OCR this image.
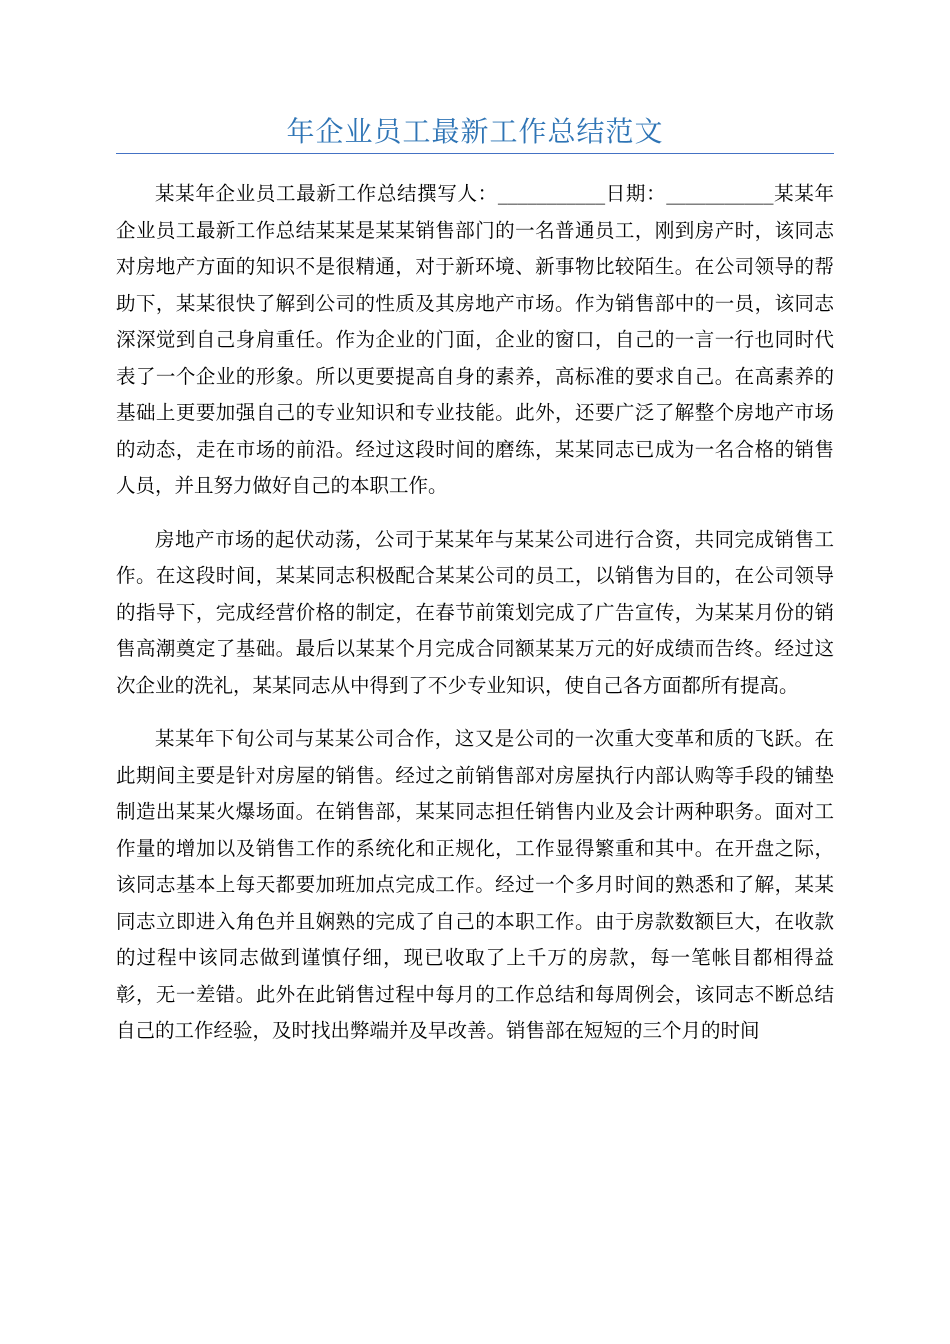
年企业员工最新工作总结范文

某某年企业员工最新工作总结撰写人：___________日期：___________某某年企业员工最新工作总结某某是某某销售部门的一名普通员工，刚到房产时，该同志对房地产方面的知识不是很精通，对于新环境、新事物比较陌生。在公司领导的帮助下，某某很快了解到公司的性质及其房地产市场。作为销售部中的一员，该同志深深觉到自己身肩重任。作为企业的门面，企业的窗口，自己的一言一行也同时代表了一个企业的形象。所以更要提高自身的素养，高标准的要求自己。在高素养的基础上更要加强自己的专业知识和专业技能。此外，还要广泛了解整个房地产市场的动态，走在市场的前沿。经过这段时间的磨练，某某同志已成为一名合格的销售人员，并且努力做好自己的本职工作。

房地产市场的起伏动荡，公司于某某年与某某公司进行合资，共同完成销售工作。在这段时间，某某同志积极配合某某公司的员工，以销售为目的，在公司领导的指导下，完成经营价格的制定，在春节前策划完成了广告宣传，为某某月份的销售高潮奠定了基础。最后以某某个月完成合同额某某万元的好成绩而告终。经过这次企业的洗礼，某某同志从中得到了不少专业知识，使自己各方面都所有提高。

某某年下旬公司与某某公司合作，这又是公司的一次重大变革和质的飞跃。在此期间主要是针对房屋的销售。经过之前销售部对房屋执行内部认购等手段的铺垫制造出某某火爆场面。在销售部，某某同志担任销售内业及会计两种职务。面对工作量的增加以及销售工作的系统化和正规化，工作显得繁重和其中。在开盘之际，该同志基本上每天都要加班加点完成工作。经过一个多月时间的熟悉和了解，某某同志立即进入角色并且娴熟的完成了自己的本职工作。由于房款数额巨大，在收款的过程中该同志做到谨慎仔细，现已收取了上千万的房款，每一笔帐目都相得益彰，无一差错。此外在此销售过程中每月的工作总结和每周例会，该同志不断总结自己的工作经验，及时找出弊端并及早改善。销售部在短短的三个月的时间
